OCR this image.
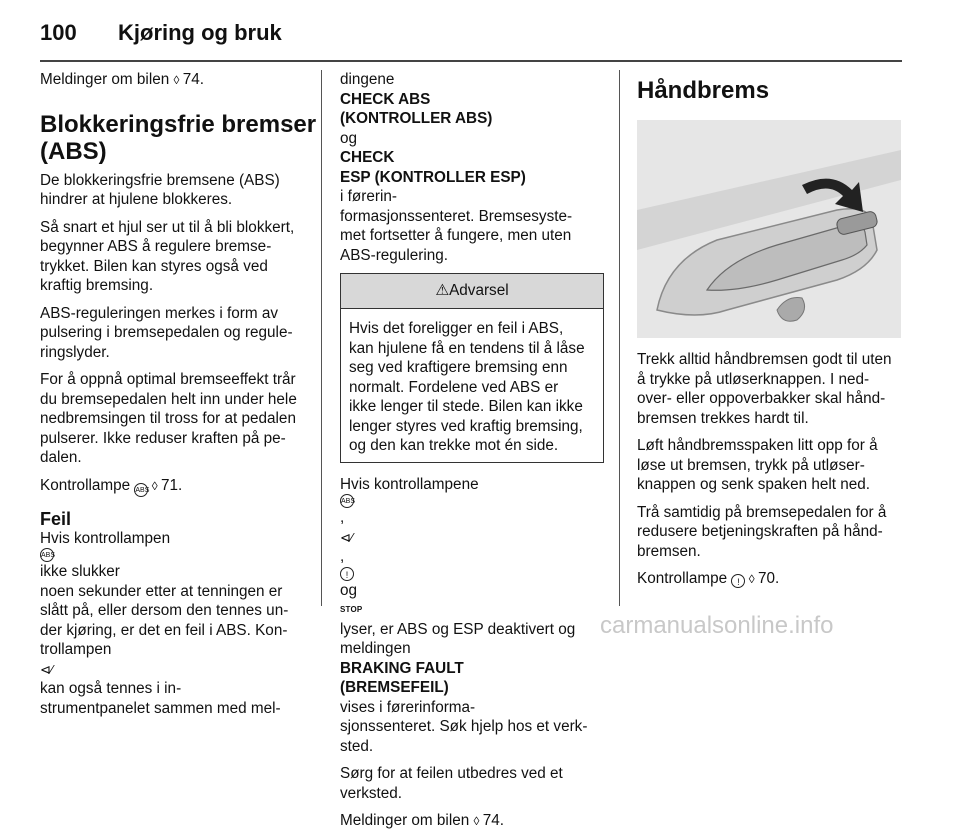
100 Kjøring og bruk

Meldinger om bilen ◊ 74.

Blokkeringsfrie bremser
(ABS)

De blokkeringsfrie bremsene (ABS)
hindrer at hjulene blokkeres.

Så snart et hjul ser ut til å bli blokkert,
begynner ABS å regulere bremse-
trykket. Bilen kan styres også ved
kraftig bremsing.

ABS-reguleringen merkes i form av
pulsering i bremsepedalen og regule-
ringslyder.

For å oppnå optimal bremseeffekt trår
du bremsepedalen helt inn under hele
nedbremsingen til tross for at pedalen
pulserer. Ikke reduser kraften på pe-
dalen.

Kontrollampe ABS ◊ 71.

Feil
Hvis kontrollampen
ABS
ikke slukker
noen sekunder etter at tenningen er
slått på, eller dersom den tennes un-
der kjøring, er det en feil i ABS. Kon-
trollampen
⊲⁄
kan også tennes i in-
strumentpanelet sammen med mel-
dingene
CHECK ABS
(KONTROLLER ABS)
og
CHECK
ESP (KONTROLLER ESP)
i førerin-
formasjonssenteret. Bremsesyste-
met fortsetter å fungere, men uten
ABS-regulering.
⚠Advarsel
Hvis det foreligger en feil i ABS,
kan hjulene få en tendens til å låse
seg ved kraftigere bremsing enn
normalt. Fordelene ved ABS er
ikke lenger til stede. Bilen kan ikke
lenger styres ved kraftig bremsing,
og den kan trekke mot én side.
Hvis kontrollampene
ABS
,
⊲⁄
,
!
og
STOP
lyser, er ABS og ESP deaktivert og
meldingen
BRAKING FAULT
(BREMSEFEIL)
vises i førerinforma-
sjonssenteret. Søk hjelp hos et verk-
sted.

Sørg for at feilen utbedres ved et
verksted.

Meldinger om bilen ◊ 74.

Håndbrems

Trekk alltid håndbremsen godt til uten
å trykke på utløserknappen. I ned-
over- eller oppoverbakker skal hånd-
bremsen trekkes hardt til.

Løft håndbremsspaken litt opp for å
løse ut bremsen, trykk på utløser-
knappen og senk spaken helt ned.

Trå samtidig på bremsepedalen for å
redusere betjeningskraften på hånd-
bremsen.

Kontrollampe ! ◊ 70.

carmanualsonline.info
